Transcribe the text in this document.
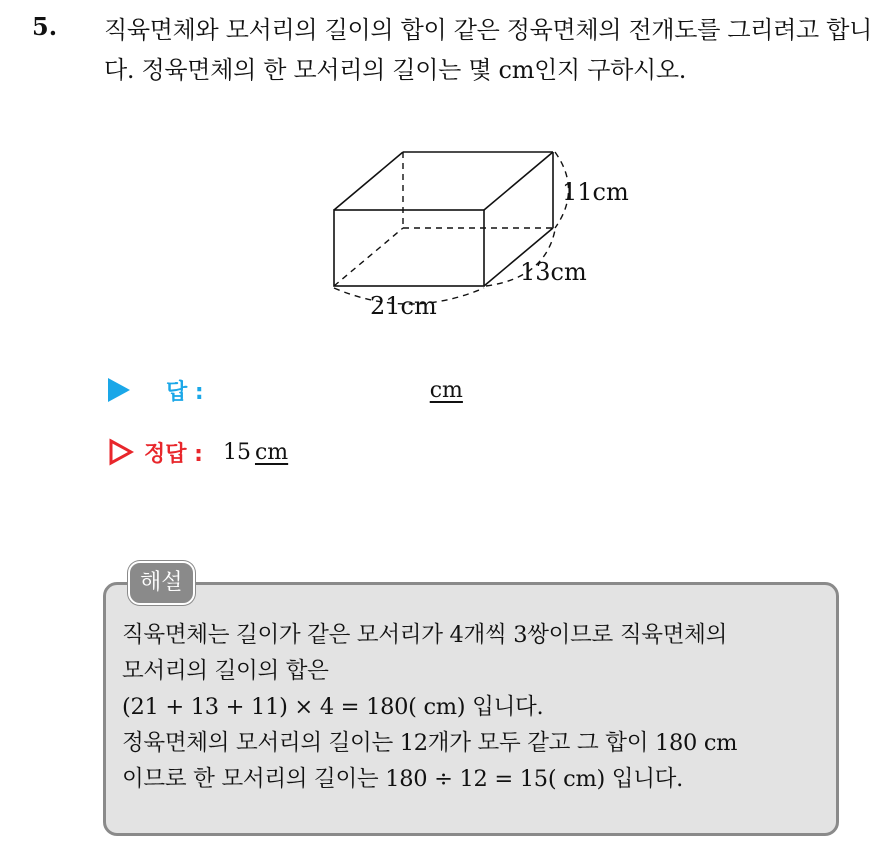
5. 직육면체와 모서리의 길이의 합이 같은 정육면체의 전개도를 그리려고 합니다. 정육면체의 한 모서리의 길이는 몇 cm인지 구하시오.
11cm
13cm
21cm
답 :	cm
정답 : 15 cm
해설
직육면체는 길이가 같은 모서리가 4개씩 3쌍이므로 직육면체의
모서리의 길이의 합은
(21 + 13 + 11) × 4 = 180( cm) 입니다.
정육면체의 모서리의 길이는 12개가 모두 같고 그 합이 180 cm
이므로 한 모서리의 길이는 180 ÷ 12 = 15( cm) 입니다.
